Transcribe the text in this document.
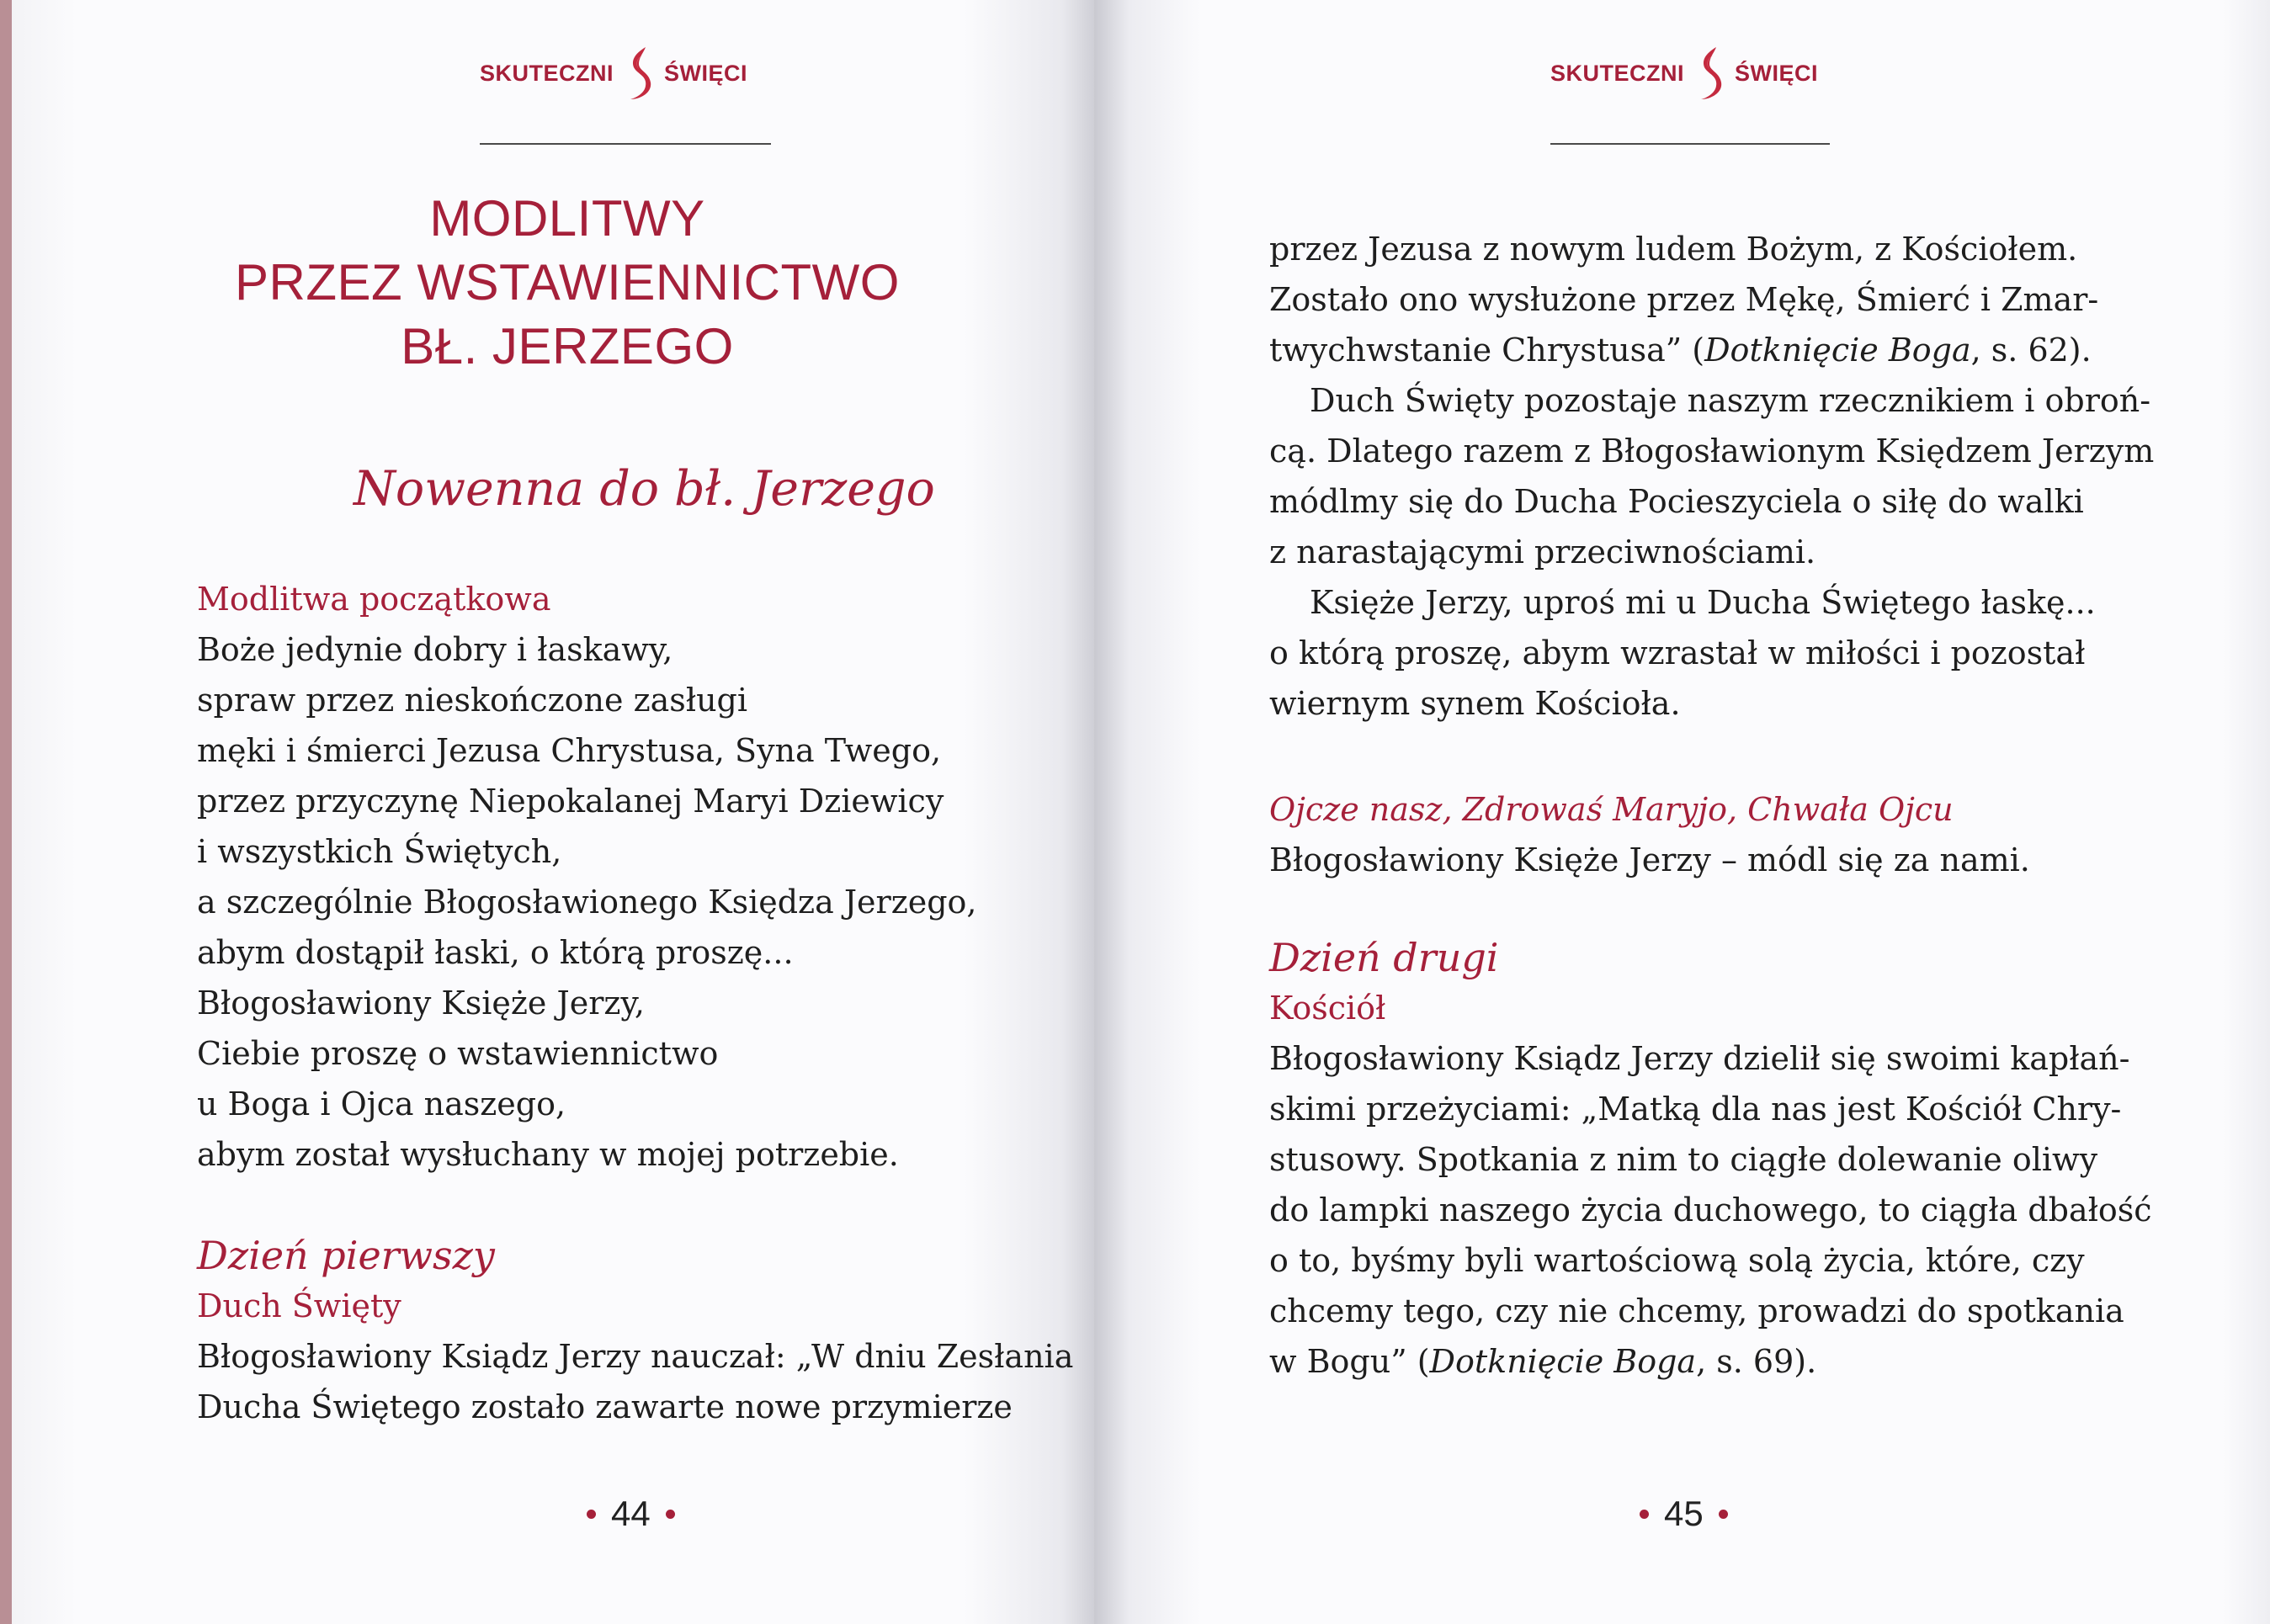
SKUTECZNI ŚWIĘCI
MODLITWY
PRZEZ WSTAWIENNICTWO
BŁ. JERZEGO
Nowenna do bł. Jerzego
Modlitwa początkowa
Boże jedynie dobry i łaskawy,
spraw przez nieskończone zasługi
męki i śmierci Jezusa Chrystusa, Syna Twego,
przez przyczynę Niepokalanej Maryi Dziewicy
i wszystkich Świętych,
a szczególnie Błogosławionego Księdza Jerzego,
abym dostąpił łaski, o którą proszę...
Błogosławiony Księże Jerzy,
Ciebie proszę o wstawiennictwo
u Boga i Ojca naszego,
abym został wysłuchany w mojej potrzebie.
Dzień pierwszy
Duch Święty
Błogosławiony Ksiądz Jerzy nauczał: „W dniu Zesłania
Ducha Świętego zostało zawarte nowe przymierze
44
SKUTECZNI ŚWIĘCI
przez Jezusa z nowym ludem Bożym, z Kościołem.
Zostało ono wysłużone przez Mękę, Śmierć i Zmar-
twychwstanie Chrystusa” (Dotknięcie Boga, s. 62).
Duch Święty pozostaje naszym rzecznikiem i obroń-
cą. Dlatego razem z Błogosławionym Księdzem Jerzym
módlmy się do Ducha Pocieszyciela o siłę do walki
z narastającymi przeciwnościami.
Księże Jerzy, uproś mi u Ducha Świętego łaskę...
o którą proszę, abym wzrastał w miłości i pozostał
wiernym synem Kościoła.
Ojcze nasz, Zdrowaś Maryjo, Chwała Ojcu
Błogosławiony Księże Jerzy – módl się za nami.
Dzień drugi
Kościół
Błogosławiony Ksiądz Jerzy dzielił się swoimi kapłań-
skimi przeżyciami: „Matką dla nas jest Kościół Chry-
stusowy. Spotkania z nim to ciągłe dolewanie oliwy
do lampki naszego życia duchowego, to ciągła dbałość
o to, byśmy byli wartościową solą życia, które, czy
chcemy tego, czy nie chcemy, prowadzi do spotkania
w Bogu” (Dotknięcie Boga, s. 69).
45
